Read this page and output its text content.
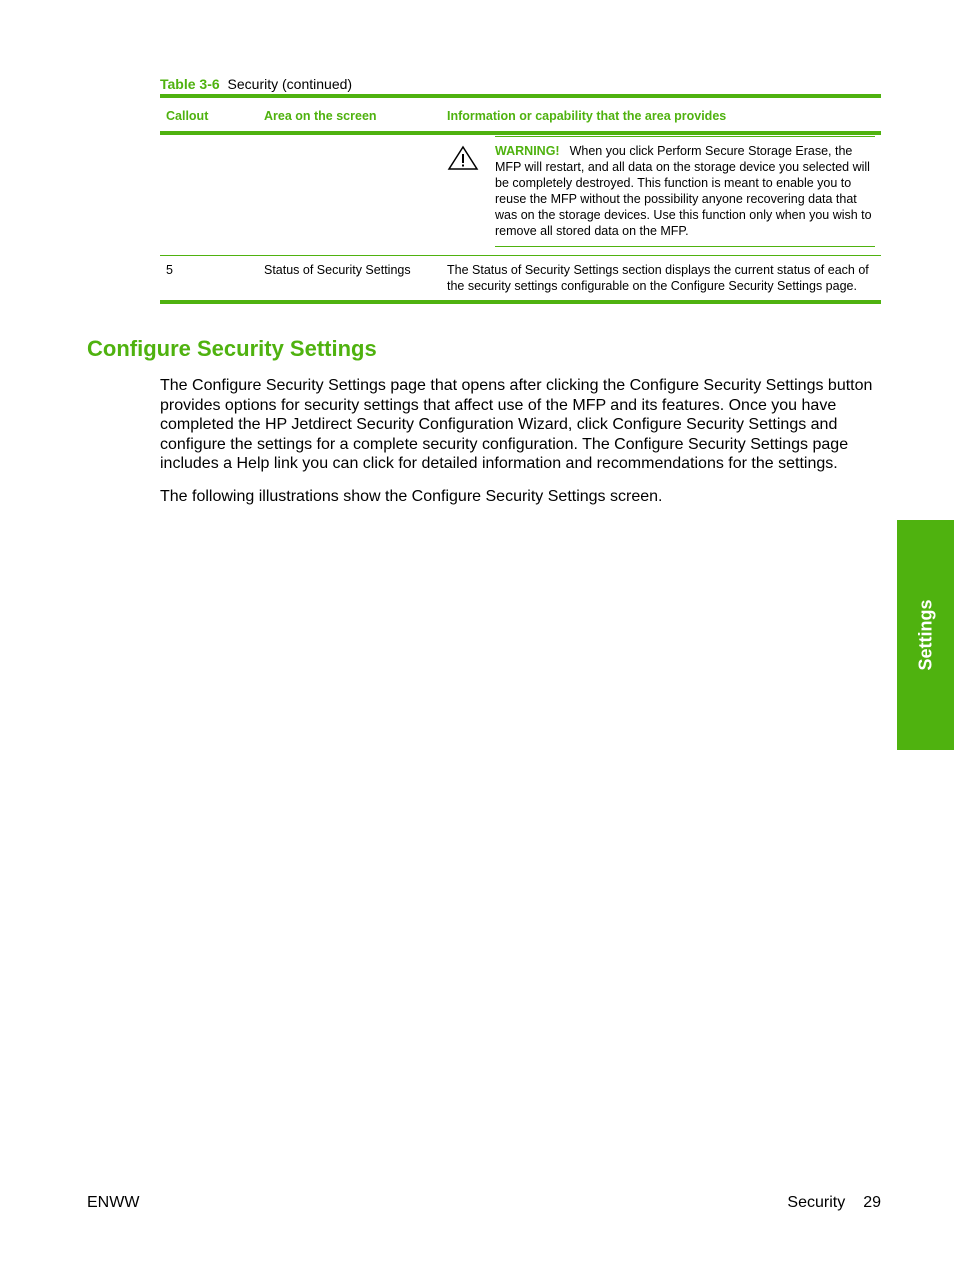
Table 3-6 Security (continued)
Callout	Area on the screen	Information or capability that the area provides
WARNING! When you click Perform Secure Storage Erase, the MFP will restart, and all data on the storage device you selected will be completely destroyed. This function is meant to enable you to reuse the MFP without the possibility anyone recovering data that was on the storage devices. Use this function only when you wish to remove all stored data on the MFP.
5	Status of Security Settings	The Status of Security Settings section displays the current status of each of the security settings configurable on the Configure Security Settings page.
Configure Security Settings

The Configure Security Settings page that opens after clicking the Configure Security Settings button provides options for security settings that affect use of the MFP and its features. Once you have completed the HP Jetdirect Security Configuration Wizard, click Configure Security Settings and configure the settings for a complete security configuration. The Configure Security Settings page includes a Help link you can click for detailed information and recommendations for the settings.

The following illustrations show the Configure Security Settings screen.

Settings
ENWW	Security 29
